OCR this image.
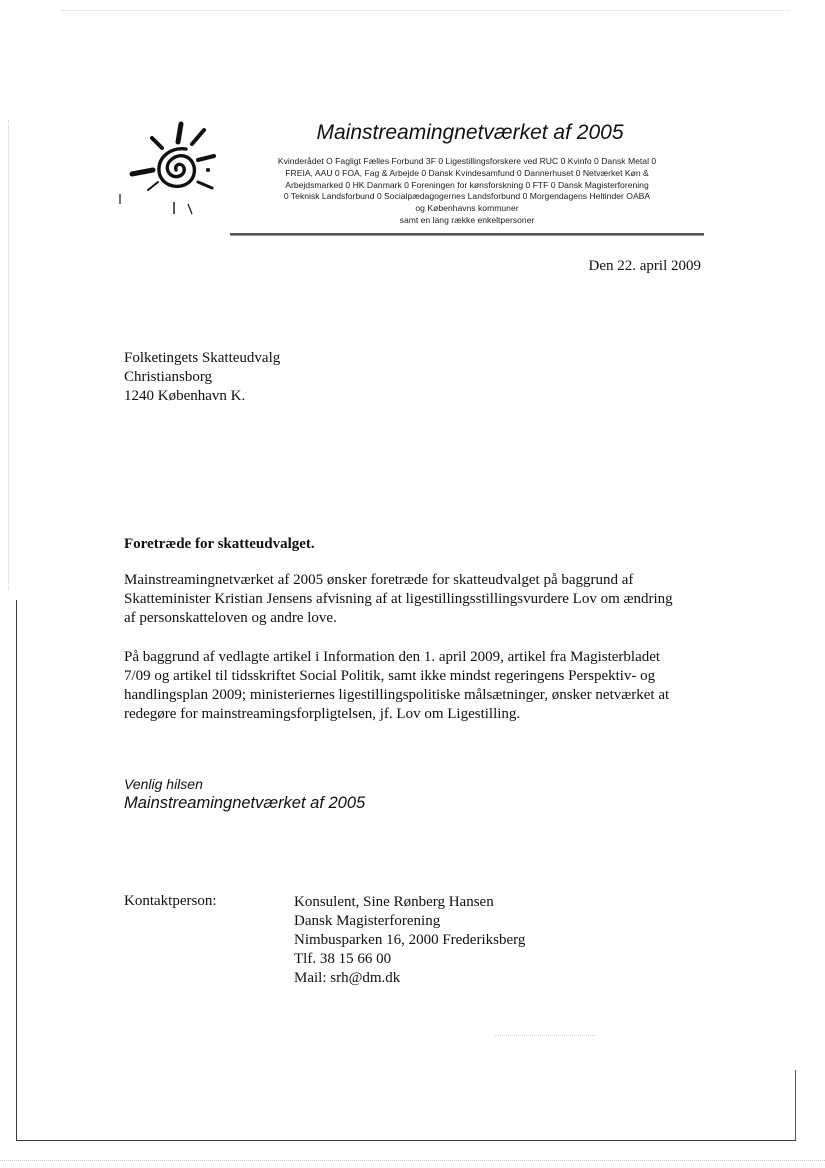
Mainstreamingnetværket af 2005
Kvinderådet O Fagligt Fælles Forbund 3F 0 Ligestillingsforskere ved RUC 0 Kvinfo 0 Dansk Metal 0
FREIA, AAU 0 FOA, Fag & Arbejde 0 Dansk Kvindesamfund 0 Dannerhuset 0 Netværket Køn &
Arbejdsmarked 0 HK Danmark 0 Foreningen for kønsforskning 0 FTF 0 Dansk Magisterforening
0 Teknisk Landsforbund 0 Socialpædagogernes Landsforbund 0 Morgendagens Heltinder OABA
og Københavns kommuner
samt en lang række enkeltpersoner
Den 22. april 2009
Folketingets Skatteudvalg
Christiansborg
1240 København K.
Foretræde for skatteudvalget.
Mainstreamingnetværket af 2005 ønsker foretræde for skatteudvalget på baggrund af
Skatteminister Kristian Jensens afvisning af at ligestillingsstillingsvurdere Lov om ændring
af personskatteloven og andre love.
På baggrund af vedlagte artikel i Information den 1. april 2009, artikel fra Magisterbladet
7/09 og artikel til tidsskriftet Social Politik, samt ikke mindst regeringens Perspektiv- og
handlingsplan 2009; ministeriernes ligestillingspolitiske målsætninger, ønsker netværket at
redegøre for mainstreamingsforpligtelsen, jf. Lov om Ligestilling.
Venlig hilsen
Mainstreamingnetværket af 2005
Kontaktperson:	Konsulent, Sine Rønberg Hansen
Dansk Magisterforening
Nimbusparken 16, 2000 Frederiksberg
Tlf. 38 15 66 00
Mail: srh@dm.dk
